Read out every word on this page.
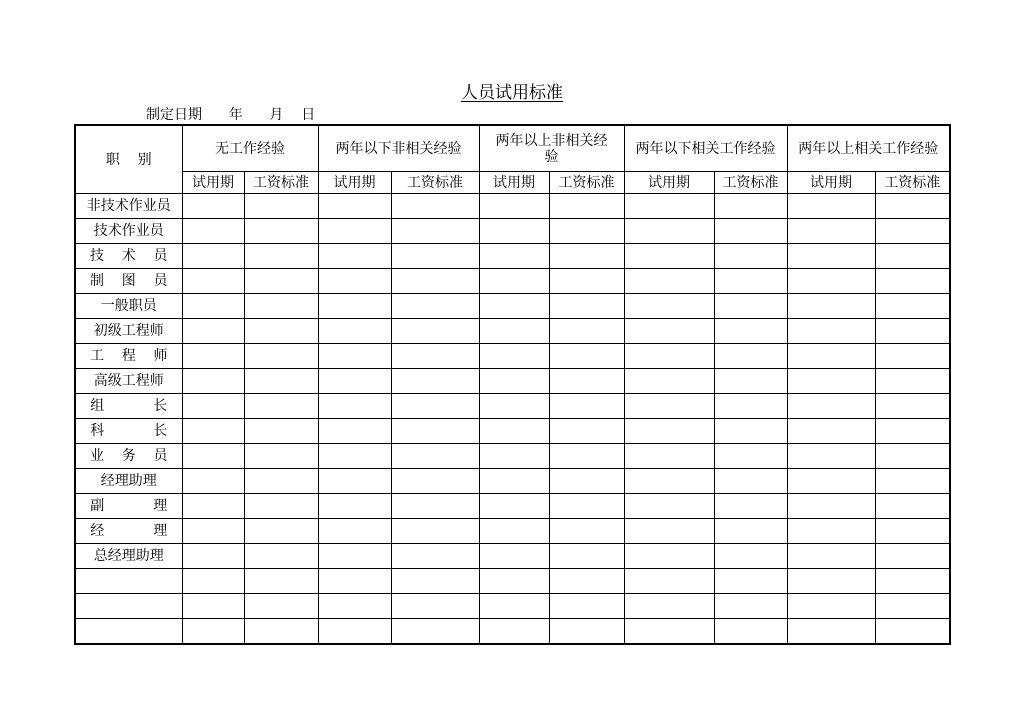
人员试用标准
制定日期      年      月    日
职    别	无工作经验		两年以下非相关经验		两年以上非相关经验		两年以下相关工作经验		两年以上相关工作经验	
	试用期	工资标准	试用期	工资标准	试用期	工资标准	试用期	工资标准	试用期	工资标准
非技术作业员										
技术作业员										
技    术    员										
制    图    员										
一般职员										
初级工程师										
工    程    师										
高级工程师										
组           长										
科           长										
业    务    员										
经理助理										
副           理										
经           理										
总经理助理										
